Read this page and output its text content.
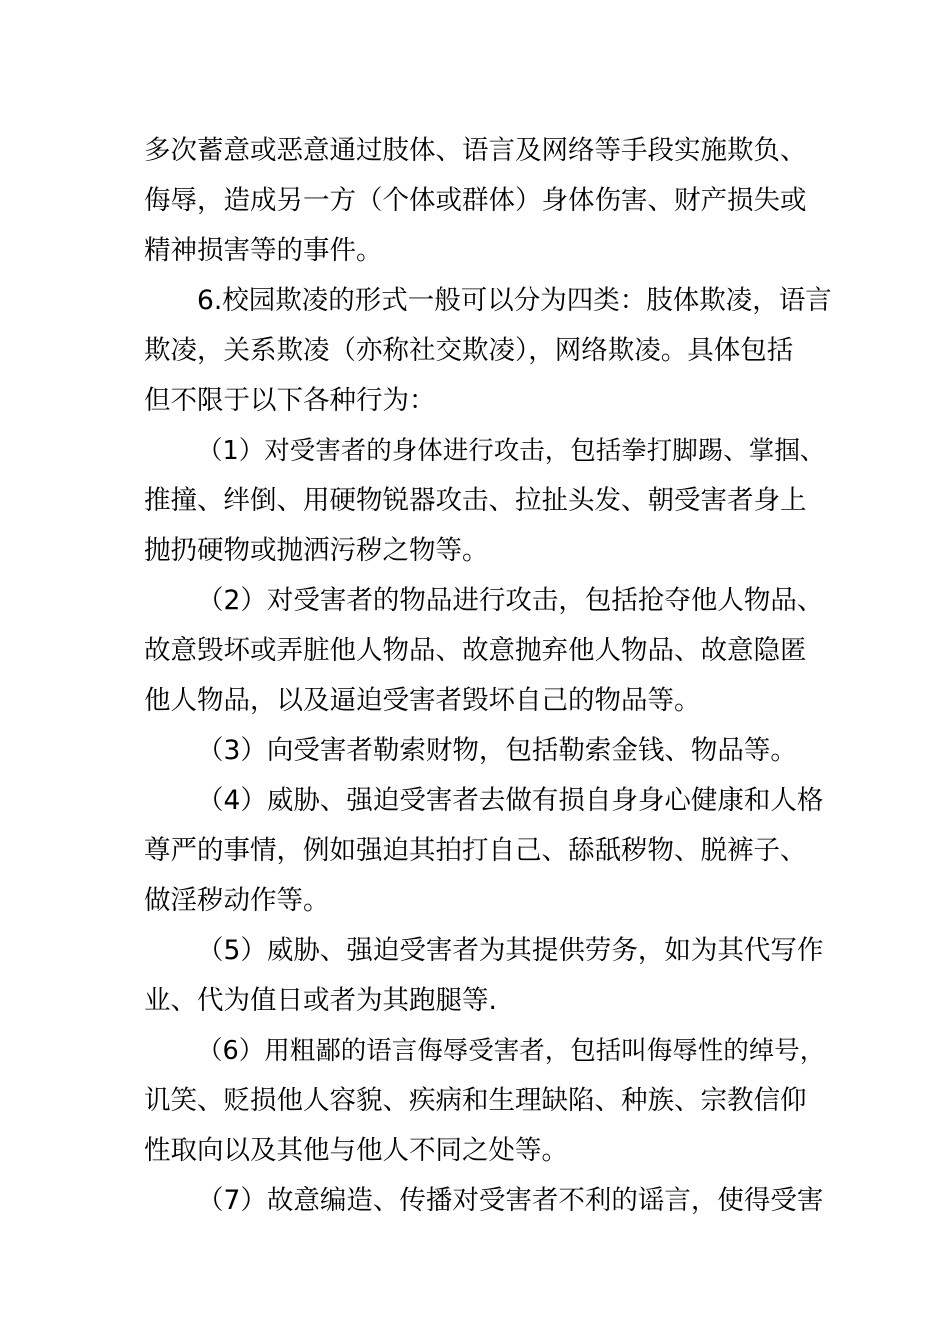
多次蓄意或恶意通过肢体、语言及网络等手段实施欺负、
侮辱，造成另一方（个体或群体）身体伤害、财产损失或
精神损害等的事件。
6.校园欺凌的形式一般可以分为四类：肢体欺凌，语言
欺凌，关系欺凌（亦称社交欺凌），网络欺凌。具体包括
但不限于以下各种行为：
（1）对受害者的身体进行攻击，包括拳打脚踢、掌掴、
推撞、绊倒、用硬物锐器攻击、拉扯头发、朝受害者身上
抛扔硬物或抛洒污秽之物等。
（2）对受害者的物品进行攻击，包括抢夺他人物品、
故意毁坏或弄脏他人物品、故意抛弃他人物品、故意隐匿
他人物品，以及逼迫受害者毁坏自己的物品等。
（3）向受害者勒索财物，包括勒索金钱、物品等。
（4）威胁、强迫受害者去做有损自身身心健康和人格
尊严的事情，例如强迫其拍打自己、舔舐秽物、脱裤子、
做淫秽动作等。
（5）威胁、强迫受害者为其提供劳务，如为其代写作
业、代为值日或者为其跑腿等.
（6）用粗鄙的语言侮辱受害者，包括叫侮辱性的绰号，
讥笑、贬损他人容貌、疾病和生理缺陷、种族、宗教信仰
性取向以及其他与他人不同之处等。
（7）故意编造、传播对受害者不利的谣言，使得受害
